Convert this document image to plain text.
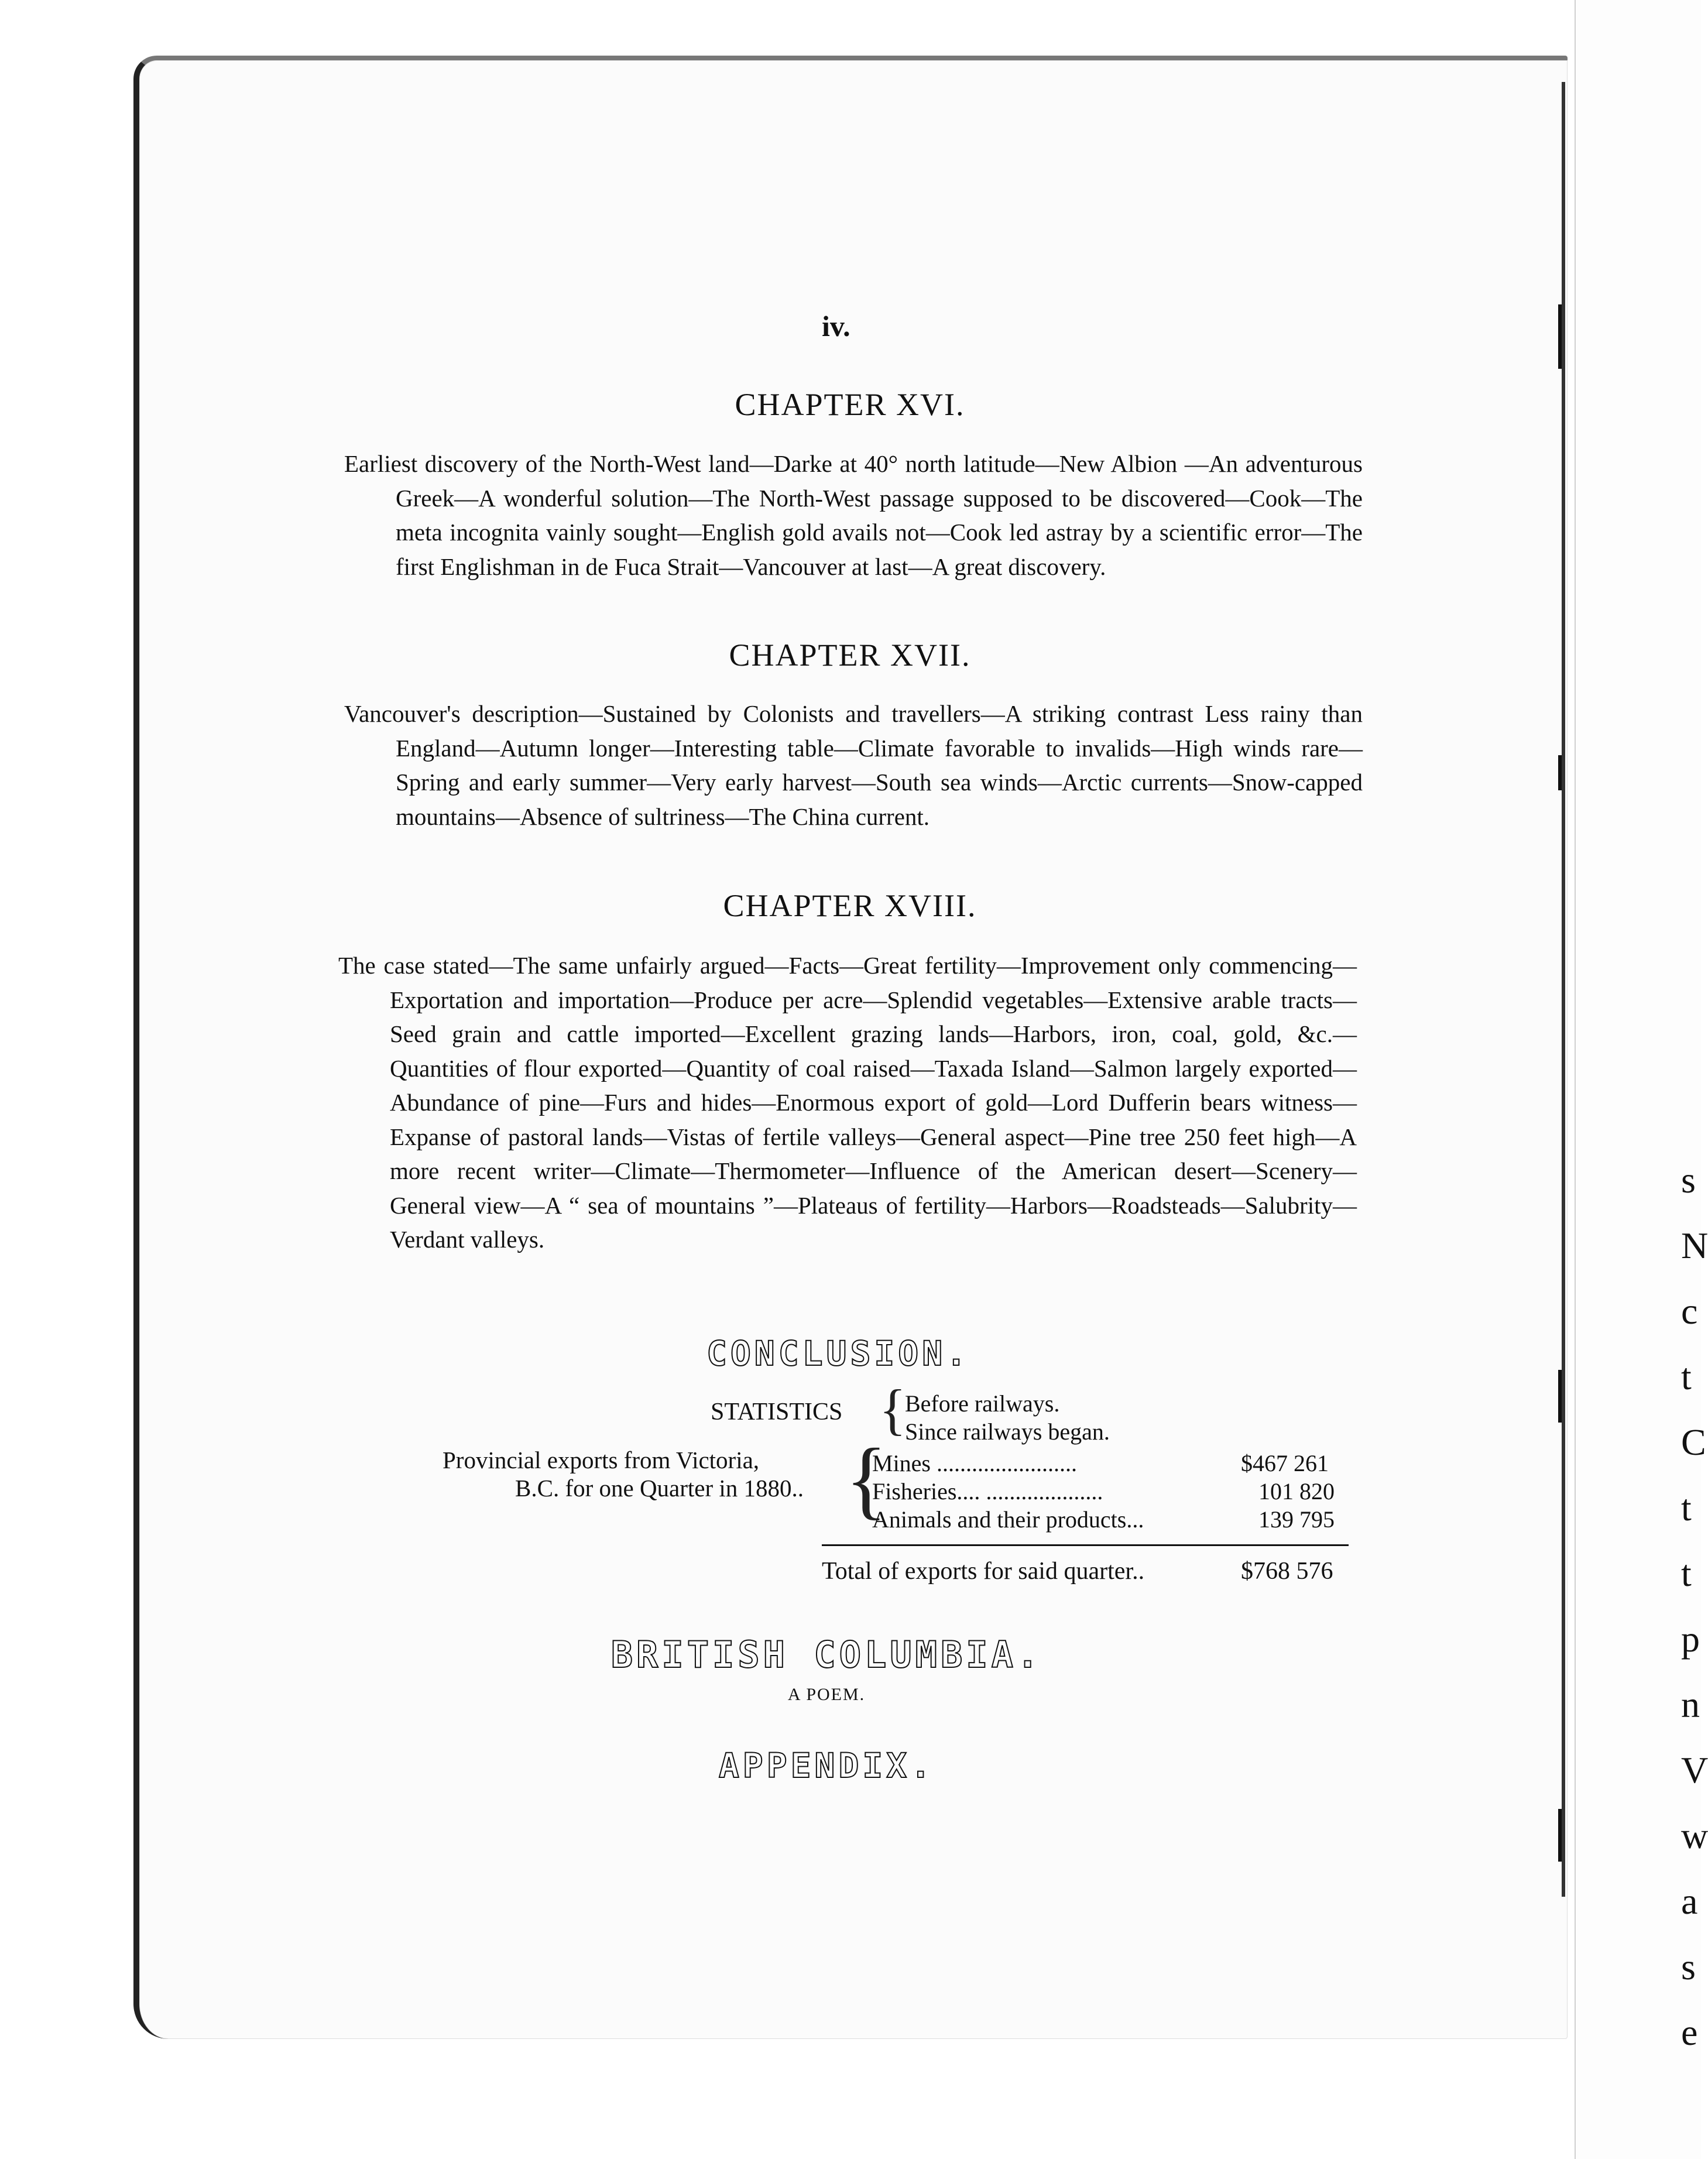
s
N
c
t
C
t
t
p
n
V
w
a
s
e
iv.
CHAPTER XVI.
Earliest discovery of the North-West land—Darke at 40° north latitude—New Albion —An adventurous Greek—A wonderful solution—The North-West passage supposed to be discovered—Cook—The meta incognita vainly sought—English gold avails not—Cook led astray by a scientific error—The first Englishman in de Fuca Strait—Vancouver at last—A great discovery.
CHAPTER XVII.
Vancouver's description—Sustained by Colonists and travellers—A striking contrast Less rainy than England—Autumn longer—Interesting table—Climate favorable to invalids—High winds rare—Spring and early summer—Very early harvest—South sea winds—Arctic currents—Snow-capped mountains—Absence of sultriness—The China current.
CHAPTER XVIII.
The case stated—The same unfairly argued—Facts—Great fertility—Improvement only commencing—Exportation and importation—Produce per acre—Splendid vegetables—Extensive arable tracts—Seed grain and cattle imported—Excellent grazing lands—Harbors, iron, coal, gold, &c.—Quantities of flour exported—Quantity of coal raised—Taxada Island—Salmon largely exported—Abundance of pine—Furs and hides—Enormous export of gold—Lord Dufferin bears witness—Expanse of pastoral lands—Vistas of fertile valleys—General aspect—Pine tree 250 feet high—A more recent writer—Climate—Thermometer—Influence of the American desert—Scenery—General view—A “ sea of mountains ”—Plateaus of fertility—Harbors—Roadsteads—Salubrity—Verdant valleys.
CONCLUSION.
STATISTICS {
Before railways.
Since railways began.
Provincial exports from Victoria,
B.C. for one Quarter in 1880.. {
Mines ........................	$467 261
Fisheries.... ....................	101 820
Animals and their products...	139 795
Total of exports for said quarter..	$768 576
BRITISH COLUMBIA.
A POEM.
APPENDIX.
